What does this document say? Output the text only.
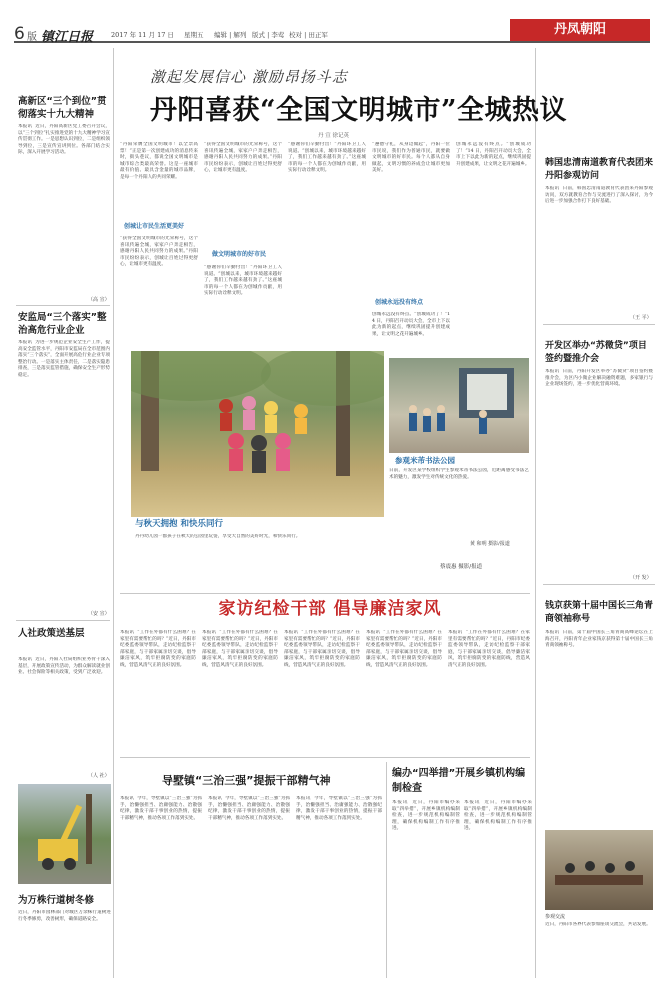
6 版 镇江日报	2017 年 11 月 17 日 星期五 编辑 | 解列 版式 | 李莺 校对 | 田正军	丹凤朝阳
激起发展信心 激励昂扬斗志
丹阳喜获“全国文明城市”全城热议
丹 宣 徐记英
“丹阳荣膺全国文明城市！以全票高票！”正是第一次创建成功的消息传来时，街头巷议，都说全国文明城市是城市综合类最高荣誉。这是一座城市最有价值、最具含金量的城市品牌，是每一个丹阳人的共同荣耀。
创城让市民生活更美好
“获得全国文明城市的光荣称号，这个喜讯传遍全城，家家户户奔走相告，感谢丹阳人民共同努力的成果。”丹阳市民纷纷表示，创城让百姓过得更舒心，让城市更有温度。
“获得全国文明城市的光荣称号，这个喜讯传遍全城，家家户户奔走相告，感谢丹阳人民共同努力的成果。”丹阳市民纷纷表示，创城让百姓过得更舒心，让城市更有温度。
做文明城市的好市民
“感谢你们辛勤付出！”丹阳环卫工人说道。“创城以来，城市环境越来越好了，我们工作越来越有劲了。”这座城市的每一个人都在为创城作贡献，用实际行动诠释文明。
“感谢你们辛勤付出！”丹阳环卫工人说道。“创城以来，城市环境越来越好了，我们工作越来越有劲了。”这座城市的每一个人都在为创城作贡献，用实际行动诠释文明。
“遵德守礼，从身边做起”，丹阳一位市民说，我们作为普通市民，就要做文明城市的好市民。每个人都从自身做起，文明习惯的养成会让城市更加美好。
创城永远没有终点
创城永远没有终点。“创城成功了！”14 日，丹阳召开动员大会，全市上下以此为新的起点，继续巩固提升创建成果，让文明之花开遍城乡。
创城永远没有终点。“创城成功了！”14 日，丹阳召开动员大会，全市上下以此为新的起点，继续巩固提升创建成果，让文明之花开遍城乡。
与秋天拥抱 和快乐同行
丹丹幼儿园一群孩子在秋天的公园里玩耍，享受大自然的美好时光，和快乐同行。
蔡震惠 摄影/报道
参观米芾书法公园
日前，开发区某学校组织学生参观米芾书法公园，近距离感受书法艺术的魅力，激发学生对传统文化的热爱。
黄 和明 摄影/报道
高新区“三个到位”贯彻落实十九大精神
本报讯  近日，丹阳高新区党工委召开会议，以“三个到位”扎实推进党的十九大精神学习宣传贯彻工作。一是思想认识到位，二是组织领导到位，三是宣传宣讲到位。各部门结合实际，深入开展学习活动。
（高 宣）
安监局“三个落实”整治高危行业企业
本报讯  为进一步规范企业安全生产工作，提高安全监管水平，丹阳市安监局在全市范围内落实“三个落实”，全面开展高危行业企业专项整治行动。一是落实主体责任，二是落实隐患排查，三是落实监管措施，确保安全生产形势稳定。
（安 宣）
人社政策送基层
本报讯  近日，丹阳人社局组织业务骨干深入基层，开展政策宣传活动，为群众解读就业创业、社会保险等相关政策，受到广泛欢迎。
（人 社）
为万株行道树冬修
近日，丹阳市园林部门对城区万余株行道树进行冬季修剪，改善树形，确保道路安全。
韩国忠清南道教育代表团来丹阳参观访问
本报讯  日前，韩国忠清南道教育代表团来丹阳参观访问，双方就教育合作与交流进行了深入探讨，为今后进一步加强合作打下良好基础。
（王 平）
开发区举办“苏微贷”项目签约暨推介会
本报讯  日前，丹阳开发区举办“苏微贷”项目签约暨推介会，为区内小微企业解决融资难题，多家银行与企业现场签约，进一步优化营商环境。
（开 发）
钱京获第十届中国长三角青商领袖称号
本报讯  日前，第十届中国长三角青商高峰论坛在上海召开，丹阳青年企业家钱京获得第十届中国长三角青商领袖称号。
参观交流
近日，丹阳市各界代表参加座谈交流会，共话发展。
家访纪检干部 倡导廉洁家风
本报讯  “工作在外都有什么困难？在家里有需要帮忙的吗？”近日，丹阳市纪委监委领导带队，走访纪检监察干部家庭，与干部家属亲切交谈，倡导廉洁家风，筑牢拒腐防变的家庭防线，营造风清气正的良好氛围。
本报讯  “工作在外都有什么困难？在家里有需要帮忙的吗？”近日，丹阳市纪委监委领导带队，走访纪检监察干部家庭，与干部家属亲切交谈，倡导廉洁家风，筑牢拒腐防变的家庭防线，营造风清气正的良好氛围。
本报讯  “工作在外都有什么困难？在家里有需要帮忙的吗？”近日，丹阳市纪委监委领导带队，走访纪检监察干部家庭，与干部家属亲切交谈，倡导廉洁家风，筑牢拒腐防变的家庭防线，营造风清气正的良好氛围。
本报讯  “工作在外都有什么困难？在家里有需要帮忙的吗？”近日，丹阳市纪委监委领导带队，走访纪检监察干部家庭，与干部家属亲切交谈，倡导廉洁家风，筑牢拒腐防变的家庭防线，营造风清气正的良好氛围。
本报讯  “工作在外都有什么困难？在家里有需要帮忙的吗？”近日，丹阳市纪委监委领导带队，走访纪检监察干部家庭，与干部家属亲切交谈，倡导廉洁家风，筑牢拒腐防变的家庭防线，营造风清气正的良好氛围。
导墅镇“三治三强”提振干部精气神
本报讯  今年，导墅镇以“三治三强”为抓手，治懒强担当、治庸强能力、治散强纪律，激发干部干事创业的热情，提振干部精气神，推动各项工作落到实处。
本报讯  今年，导墅镇以“三治三强”为抓手，治懒强担当、治庸强能力、治散强纪律，激发干部干事创业的热情，提振干部精气神，推动各项工作落到实处。
本报讯  今年，导墅镇以“三治三强”为抓手，治懒强担当、治庸强能力、治散强纪律，激发干部干事创业的热情，提振干部精气神，推动各项工作落到实处。
编办“四举措”开展乡镇机构编制检查
本报讯  近日，丹阳市编办采取“四举措”，开展乡镇机构编制检查，进一步规范机构编制管理，确保机构编制工作有序推进。
本报讯  近日，丹阳市编办采取“四举措”，开展乡镇机构编制检查，进一步规范机构编制管理，确保机构编制工作有序推进。
